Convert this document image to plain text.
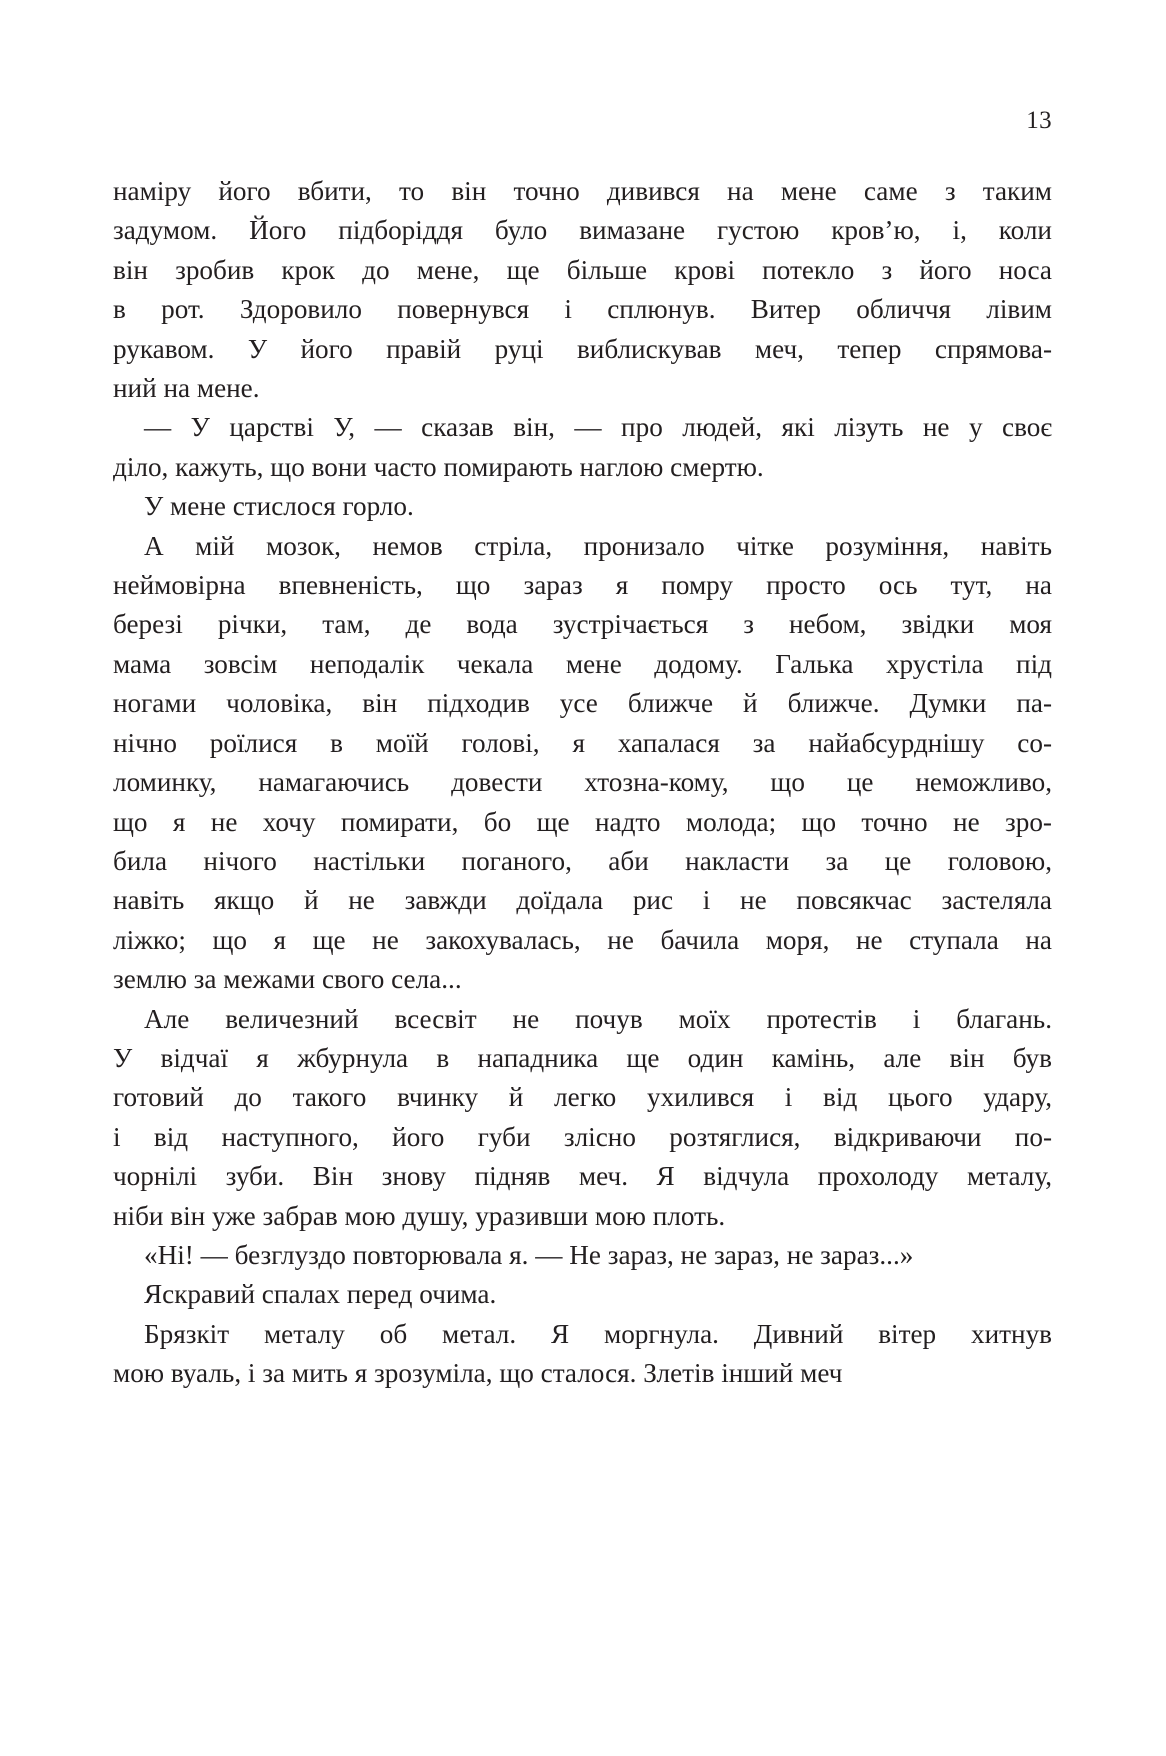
13

наміру його вбити, то він точно дивився на мене саме з таким
задумом. Його підборіддя було вимазане густою кров’ю, і, коли
він зробив крок до мене, ще більше крові потекло з його носа
в рот. Здоровило повернувся і сплюнув. Витер обличчя лівим
рукавом. У його правій руці виблискував меч, тепер спрямова-
ний на мене.

— У царстві У, — сказав він, — про людей, які лізуть не у своє
діло, кажуть, що вони часто помирають наглою смертю.

У мене стислося горло.

А мій мозок, немов стріла, пронизало чітке розуміння, навіть
неймовірна впевненість, що зараз я помру просто ось тут, на
березі річки, там, де вода зустрічається з небом, звідки моя
мама зовсім неподалік чекала мене додому. Галька хрустіла під
ногами чоловіка, він підходив усе ближче й ближче. Думки па-
нічно роїлися в моїй голові, я хапалася за найабсурднішу со-
ломинку, намагаючись довести хтозна-кому, що це неможливо,
що я не хочу помирати, бо ще надто молода; що точно не зро-
била нічого настільки поганого, аби накласти за це головою,
навіть якщо й не завжди доїдала рис і не повсякчас застеляла
ліжко; що я ще не закохувалась, не бачила моря, не ступала на
землю за межами свого села...

Але величезний всесвіт не почув моїх протестів і благань.
У відчаї я жбурнула в нападника ще один камінь, але він був
готовий до такого вчинку й легко ухилився і від цього удару,
і від наступного, його губи злісно розтяглися, відкриваючи по-
чорнілі зуби. Він знову підняв меч. Я відчула прохолоду металу,
ніби він уже забрав мою душу, уразивши мою плоть.

«Ні! — безглуздо повторювала я. — Не зараз, не зараз, не зараз...»

Яскравий спалах перед очима.

Брязкіт металу об метал. Я моргнула. Дивний вітер хитнув
мою вуаль, і за мить я зрозуміла, що сталося. Злетів інший меч
